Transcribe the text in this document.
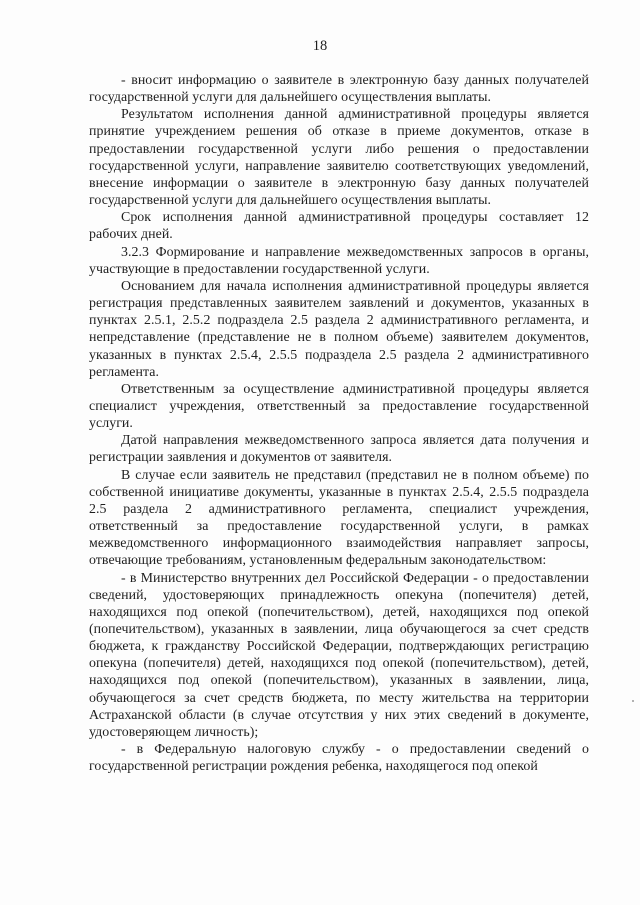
18

- вносит информацию о заявителе в электронную базу данных получателей государственной услуги для дальнейшего осуществления выплаты.

Результатом исполнения данной административной процедуры является принятие учреждением решения об отказе в приеме документов, отказе в предоставлении государственной услуги либо решения о предоставлении государственной услуги, направление заявителю соответствующих уведомлений, внесение информации о заявителе в электронную базу данных получателей государственной услуги для дальнейшего осуществления выплаты.

Срок исполнения данной административной процедуры составляет 12 рабочих дней.

3.2.3 Формирование и направление межведомственных запросов в органы, участвующие в предоставлении государственной услуги.

Основанием для начала исполнения административной процедуры является регистрация представленных заявителем заявлений и документов, указанных в пунктах 2.5.1, 2.5.2 подраздела 2.5 раздела 2 административного регламента, и непредставление (представление не в полном объеме) заявителем документов, указанных в пунктах 2.5.4, 2.5.5 подраздела 2.5 раздела 2 административного регламента.

Ответственным за осуществление административной процедуры является специалист учреждения, ответственный за предоставление государственной услуги.

Датой направления межведомственного запроса является дата получения и регистрации заявления и документов от заявителя.

В случае если заявитель не представил (представил не в полном объеме) по собственной инициативе документы, указанные в пунктах 2.5.4, 2.5.5 подраздела 2.5 раздела 2 административного регламента, специалист учреждения, ответственный за предоставление государственной услуги, в рамках межведомственного информационного взаимодействия направляет запросы, отвечающие требованиям, установленным федеральным законодательством:

- в Министерство внутренних дел Российской Федерации - о предоставлении сведений, удостоверяющих принадлежность опекуна (попечителя) детей, находящихся под опекой (попечительством), детей, находящихся под опекой (попечительством), указанных в заявлении, лица обучающегося за счет средств бюджета, к гражданству Российской Федерации, подтверждающих регистрацию опекуна (попечителя) детей, находящихся под опекой (попечительством), детей, находящихся под опекой (попечительством), указанных в заявлении, лица, обучающегося за счет средств бюджета, по месту жительства на территории Астраханской области (в случае отсутствия у них этих сведений в документе, удостоверяющем личность);

- в Федеральную налоговую службу - о предоставлении сведений о государственной регистрации рождения ребенка, находящегося под опекой
